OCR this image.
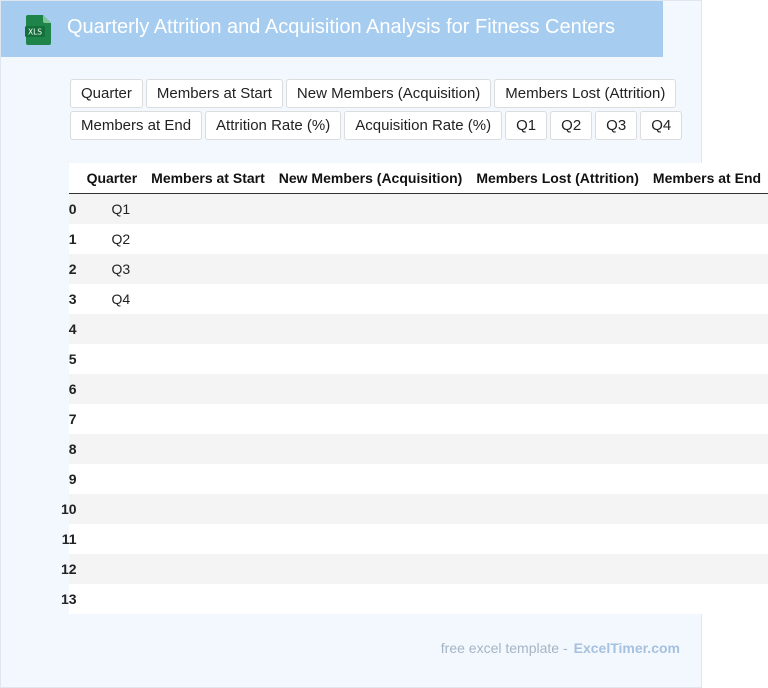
XLS Quarterly Attrition and Acquisition Analysis for Fitness Centers
Quarter	Members at Start	New Members (Acquisition)	Members Lost (Attrition)
Members at End	Attrition Rate (%)	Acquisition Rate (%)	Q1	Q2	Q3	Q4
	Quarter	Members at Start	New Members (Acquisition)	Members Lost (Attrition)	Members at End
0	Q1				
1	Q2				
2	Q3				
3	Q4				
4					
5					
6					
7					
8					
9					
10					
11					
12					
13					
free excel template - ExcelTimer.com
